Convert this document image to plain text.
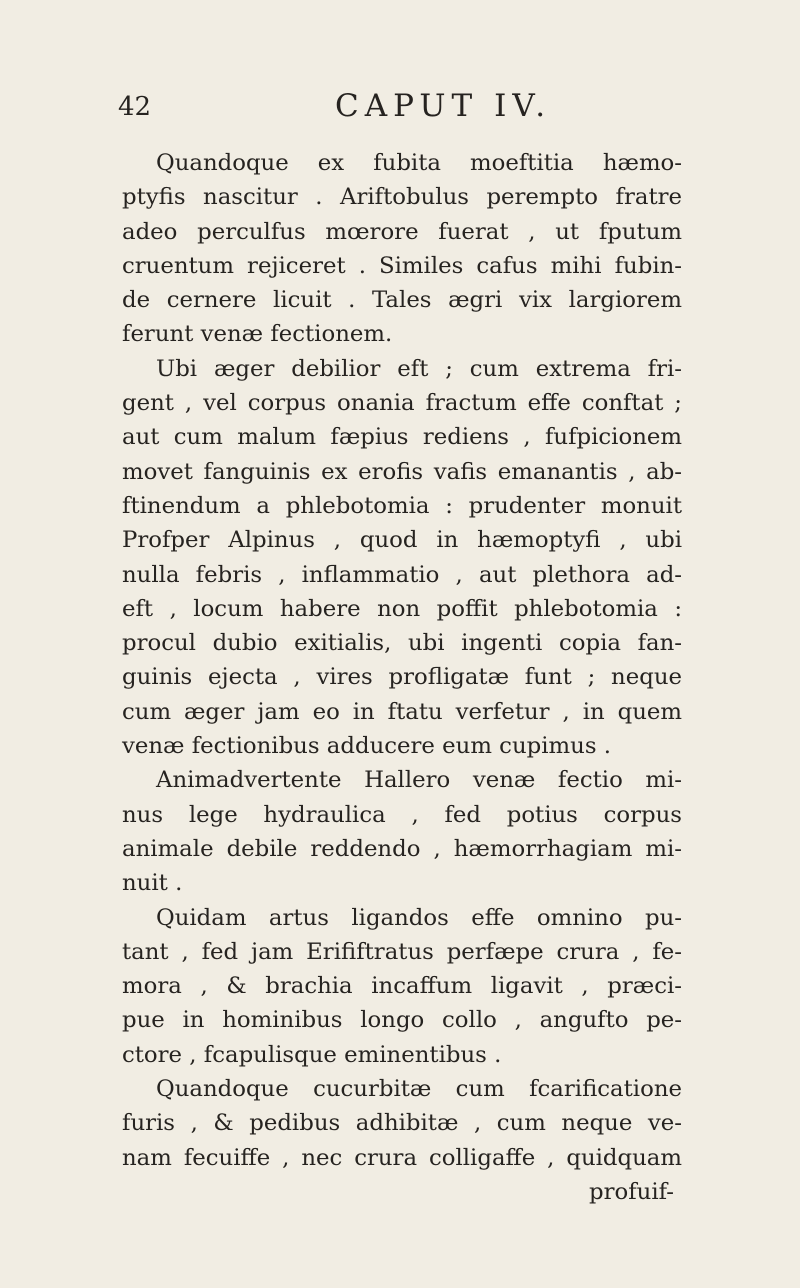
42	CAPUT IV.
Quandoque ex fubita moeftitia hæmo-
ptyfis nascitur . Ariftobulus perempto fratre
adeo perculfus mœrore fuerat , ut fputum
cruentum rejiceret . Similes cafus mihi fubin-
de cernere licuit . Tales ægri vix largiorem
ferunt venæ fectionem.
Ubi æger debilior eft ; cum extrema fri-
gent , vel corpus onania fractum effe conftat ;
aut cum malum fæpius rediens , fufpicionem
movet fanguinis ex erofis vafis emanantis , ab-
ftinendum a phlebotomia : prudenter monuit
Profper Alpinus , quod in hæmoptyfi , ubi
nulla febris , inflammatio , aut plethora ad-
eft , locum habere non poffit phlebotomia :
procul dubio exitialis, ubi ingenti copia fan-
guinis ejecta , vires profligatæ funt ; neque
cum æger jam eo in ftatu verfetur , in quem
venæ fectionibus adducere eum cupimus .
Animadvertente Hallero venæ fectio mi-
nus lege hydraulica , fed potius corpus
animale debile reddendo , hæmorrhagiam mi-
nuit .
Quidam artus ligandos effe omnino pu-
tant , fed jam Erififtratus perfæpe crura , fe-
mora , & brachia incaffum ligavit , præci-
pue in hominibus longo collo , angufto pe-
ctore , fcapulisque eminentibus .
Quandoque cucurbitæ cum fcarificatione
furis , & pedibus adhibitæ , cum neque ve-
nam fecuiffe , nec crura colligaffe , quidquam
profuif-
